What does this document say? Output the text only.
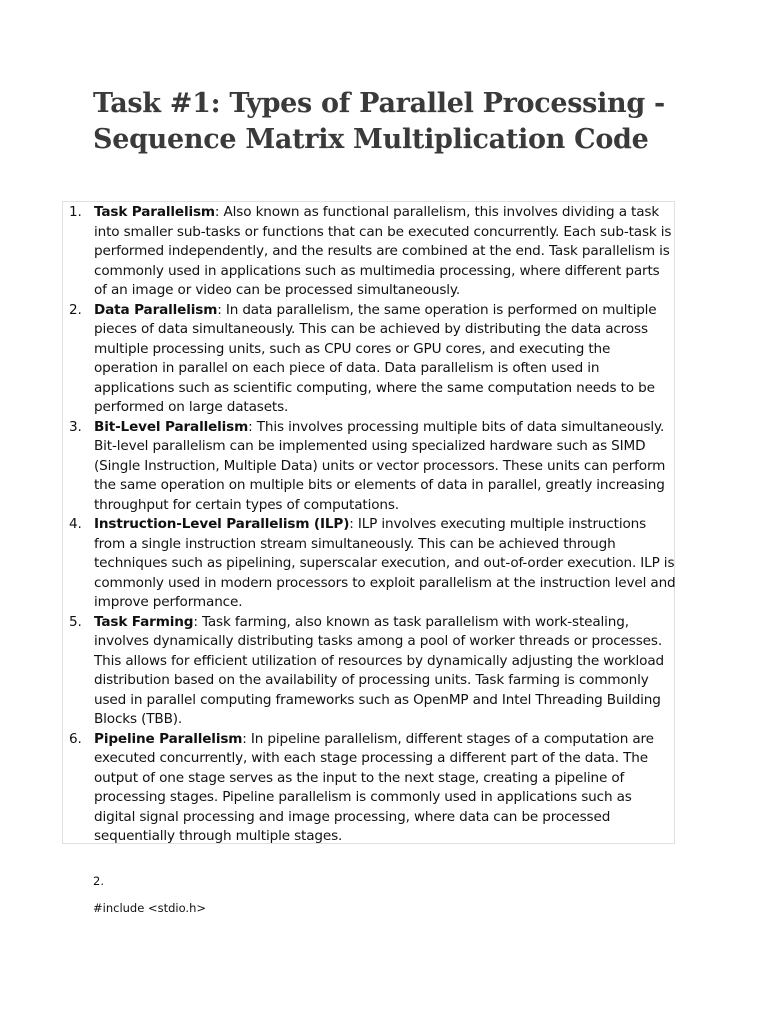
Task #1: Types of Parallel Processing - Sequence Matrix Multiplication Code
1. Task Parallelism: Also known as functional parallelism, this involves dividing a task into smaller sub-tasks or functions that can be executed concurrently. Each sub-task is performed independently, and the results are combined at the end. Task parallelism is commonly used in applications such as multimedia processing, where different parts of an image or video can be processed simultaneously.
2. Data Parallelism: In data parallelism, the same operation is performed on multiple pieces of data simultaneously. This can be achieved by distributing the data across multiple processing units, such as CPU cores or GPU cores, and executing the operation in parallel on each piece of data. Data parallelism is often used in applications such as scientific computing, where the same computation needs to be performed on large datasets.
3. Bit-Level Parallelism: This involves processing multiple bits of data simultaneously. Bit-level parallelism can be implemented using specialized hardware such as SIMD (Single Instruction, Multiple Data) units or vector processors. These units can perform the same operation on multiple bits or elements of data in parallel, greatly increasing throughput for certain types of computations.
4. Instruction-Level Parallelism (ILP): ILP involves executing multiple instructions from a single instruction stream simultaneously. This can be achieved through techniques such as pipelining, superscalar execution, and out-of-order execution. ILP is commonly used in modern processors to exploit parallelism at the instruction level and improve performance.
5. Task Farming: Task farming, also known as task parallelism with work-stealing, involves dynamically distributing tasks among a pool of worker threads or processes. This allows for efficient utilization of resources by dynamically adjusting the workload distribution based on the availability of processing units. Task farming is commonly used in parallel computing frameworks such as OpenMP and Intel Threading Building Blocks (TBB).
6. Pipeline Parallelism: In pipeline parallelism, different stages of a computation are executed concurrently, with each stage processing a different part of the data. The output of one stage serves as the input to the next stage, creating a pipeline of processing stages. Pipeline parallelism is commonly used in applications such as digital signal processing and image processing, where data can be processed sequentially through multiple stages.
2.
#include <stdio.h>
